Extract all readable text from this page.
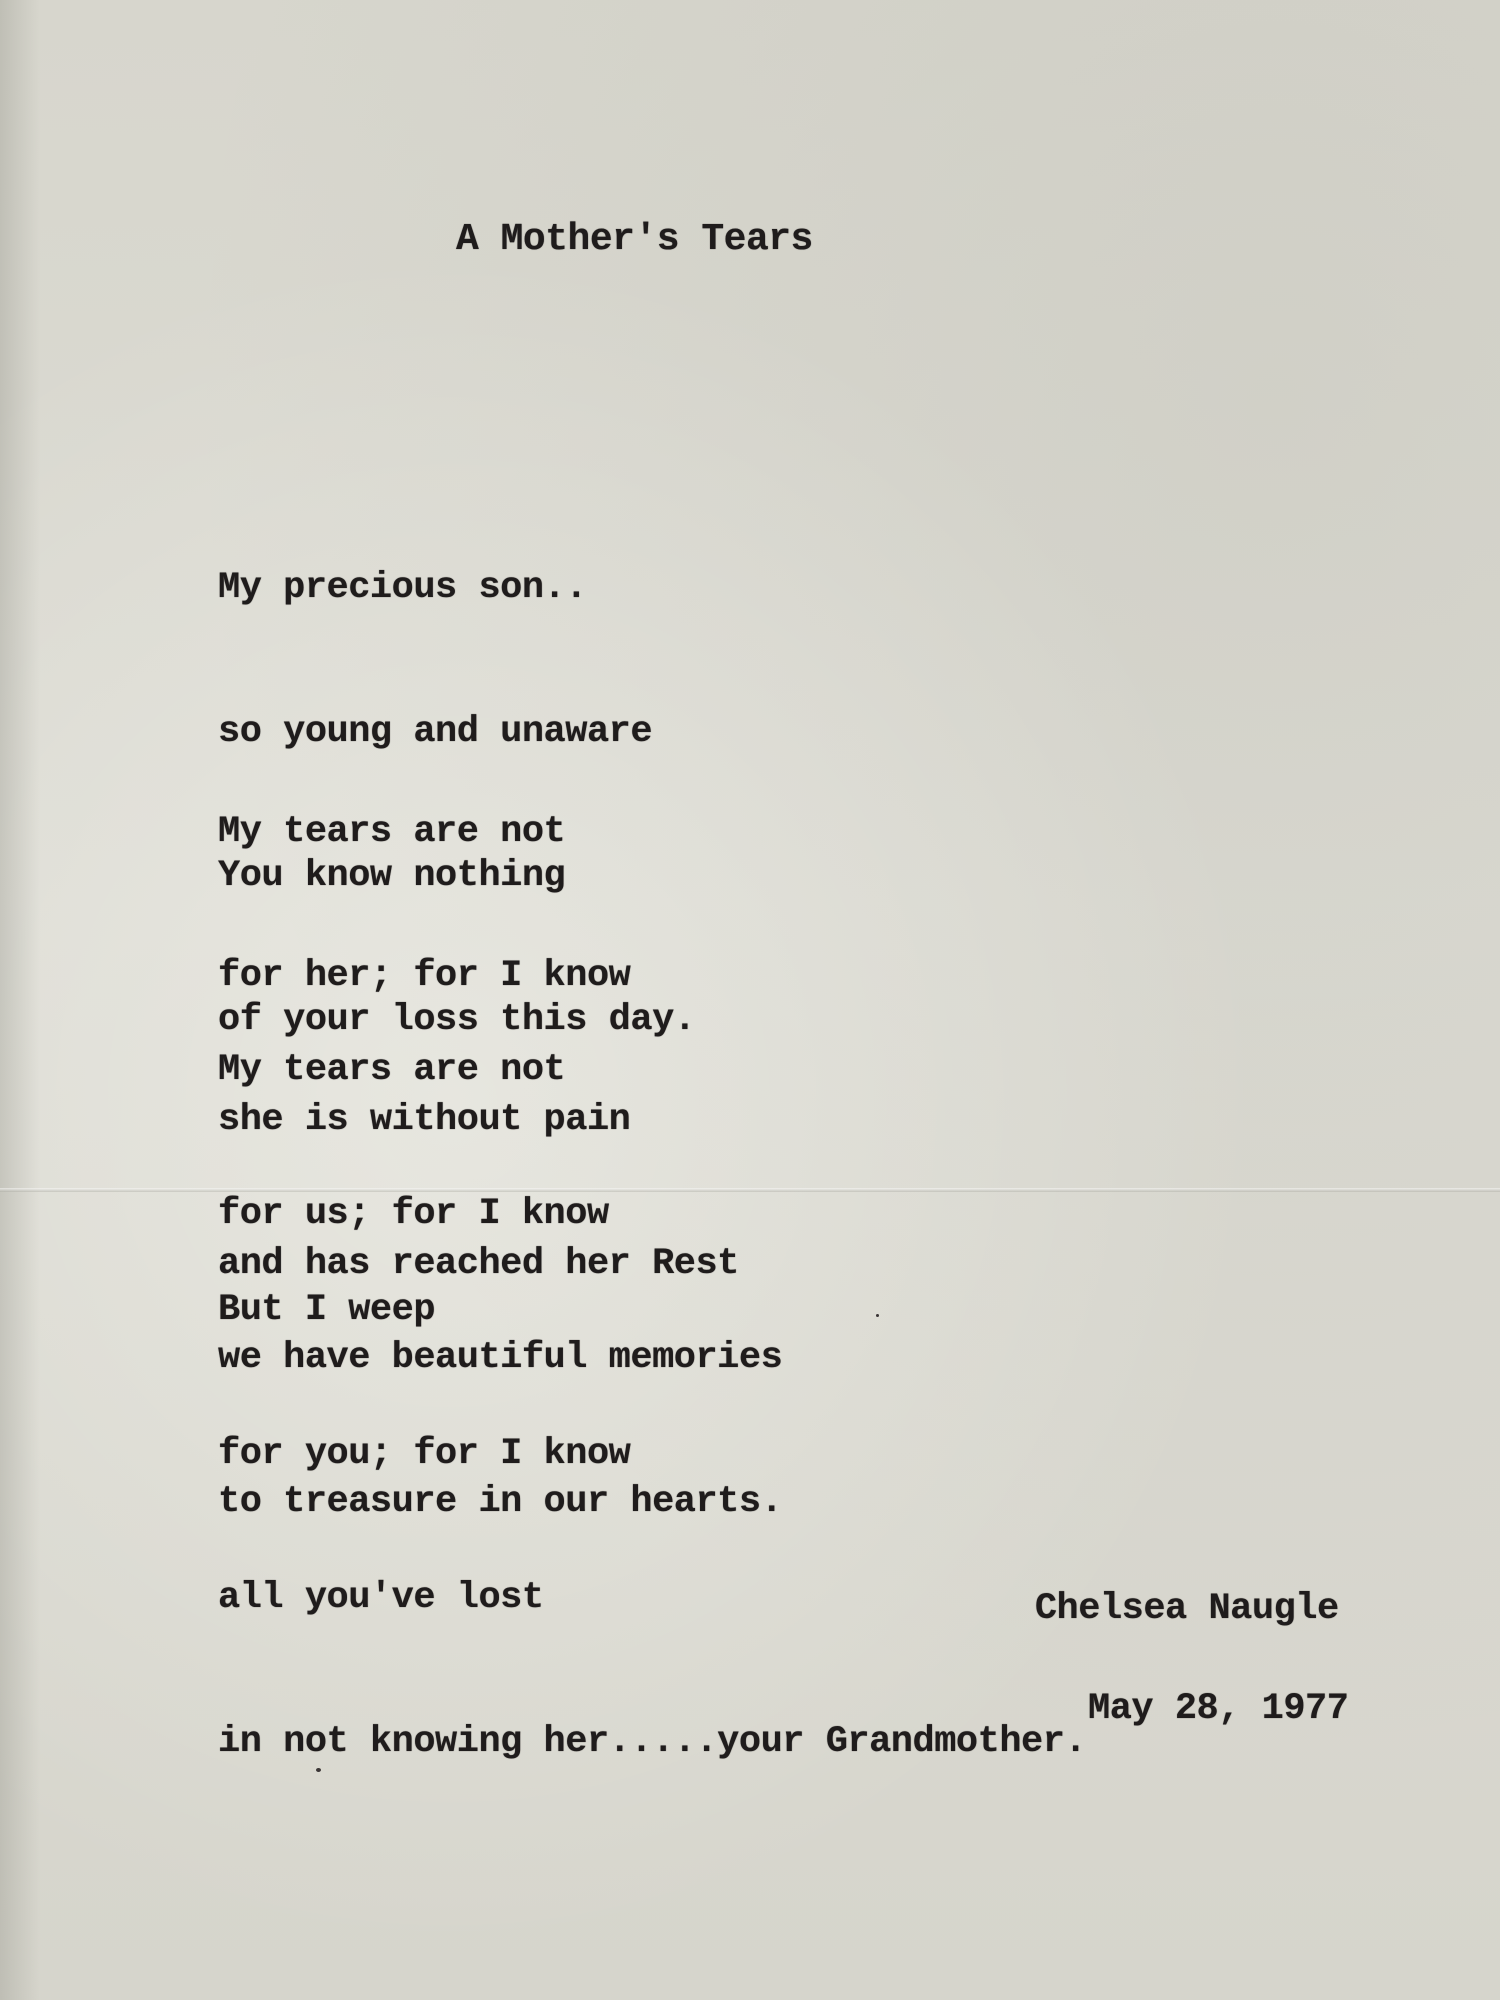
A Mother's Tears

My precious son..

so young and unaware

You know nothing

of your loss this day.

My tears are not

for her; for I know

she is without pain

and has reached her Rest

My tears are not

for us; for I know

we have beautiful memories

to treasure in our hearts.

But I weep

for you; for I know

all you've lost

in not knowing her.....your Grandmother.

Chelsea Naugle

May 28, 1977
